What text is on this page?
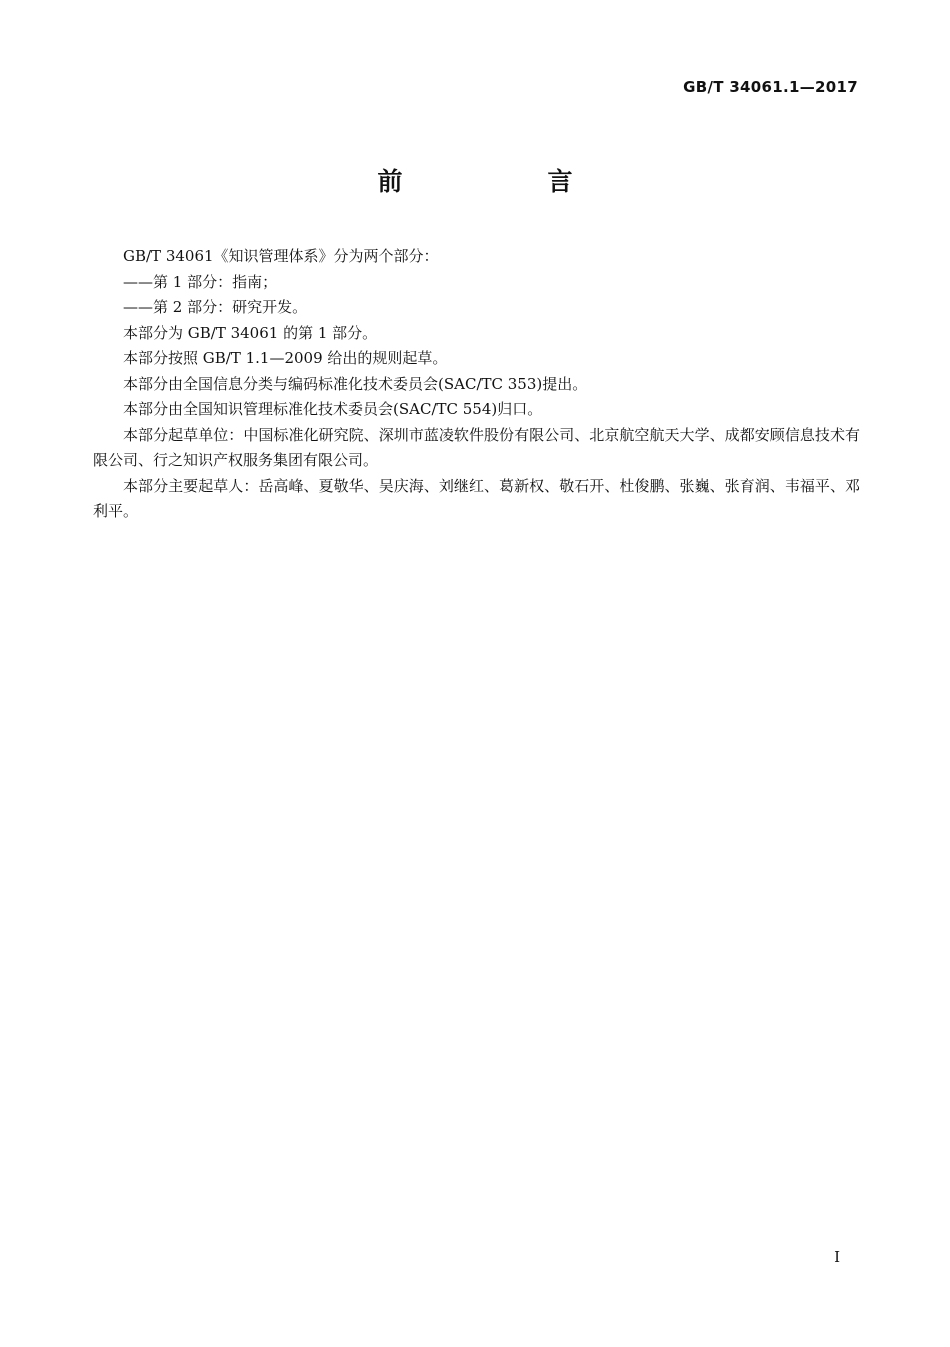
GB/T 34061.1—2017
前　言

GB/T 34061《知识管理体系》分为两个部分：

——第 1 部分：指南；

——第 2 部分：研究开发。

本部分为 GB/T 34061 的第 1 部分。

本部分按照 GB/T 1.1—2009 给出的规则起草。

本部分由全国信息分类与编码标准化技术委员会(SAC/TC 353)提出。

本部分由全国知识管理标准化技术委员会(SAC/TC 554)归口。

本部分起草单位：中国标准化研究院、深圳市蓝凌软件股份有限公司、北京航空航天大学、成都安顾信息技术有限公司、行之知识产权服务集团有限公司。

本部分主要起草人：岳高峰、夏敬华、吴庆海、刘继红、葛新权、敬石开、杜俊鹏、张巍、张育润、韦福平、邓利平。

I
